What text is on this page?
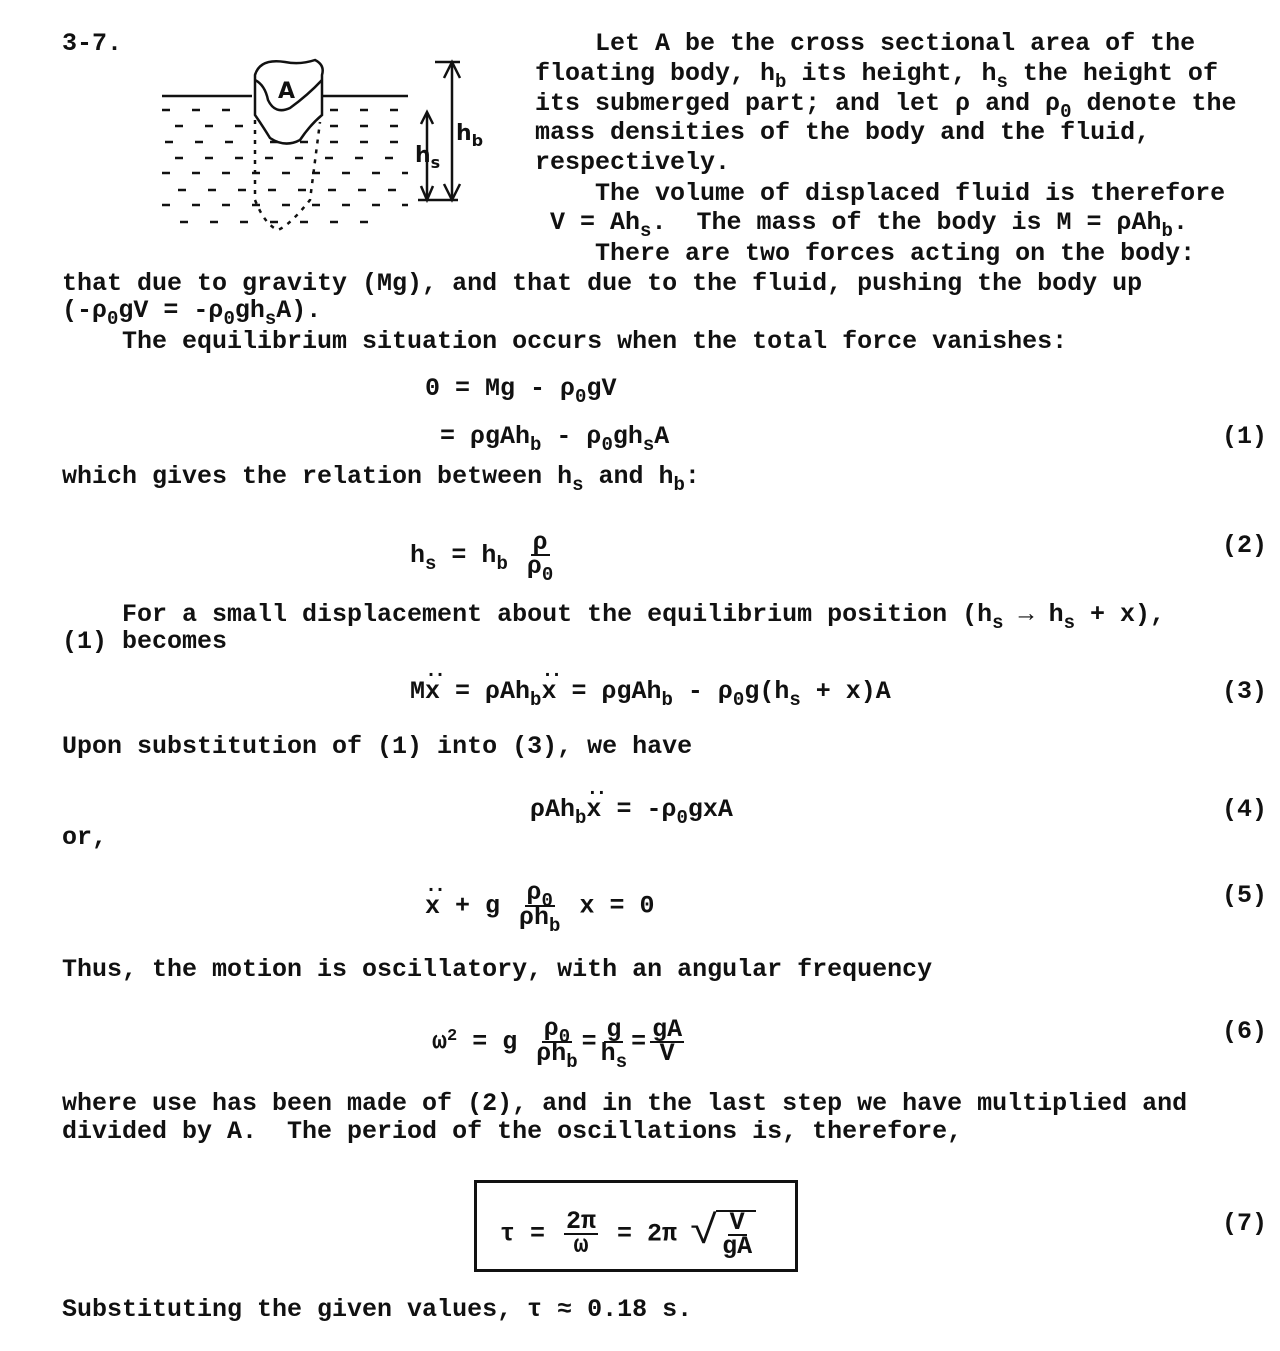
3-7.
A
$h_b$
$h_s$
Let A be the cross sectional area of the
floating body, $h_b$ its height, $h_s$ the height of
its submerged part; and let ρ and $\rho_0$ denote the
mass densities of the body and the fluid,
respectively.
The volume of displaced fluid is therefore
$V = Ah_s$.  The mass of the body is M = ρAh$_b$.
There are two forces acting on the body:
that due to gravity (Mg), and that due to the fluid, pushing the body up
$(-\rho_0gV = -\rho_0gh_sA)$.
The equilibrium situation occurs when the total force vanishes:
$0 = Mg - \rho_0gV$
= $\rho gAh_b - \rho_0gh_sA$	(1)
which gives the relation between $h_s$ and $h_b$:
$h_s = h_b \frac{\rho}{\rho_0}$	(2)
For a small displacement about the equilibrium position $(h_s \to h_s + x)$,
(1) becomes
M.. x = ρAh$_b$.. $x = \rho gAh_b - \rho_0g(h_s + x)A$	(3)
Upon substitution of (1) into (3), we have
ρAh$_b$.. $x = -\rho_0gxA$	(4)
or,
.. x + g $\frac{\rho_0}{\rho h_b}$ x = 0	(5)
Thus, the motion is oscillatory, with an angular frequency
$\omega^2 = g \frac{\rho_0}{\rho h_b} = \frac{g}{h_s} = \frac{gA}{V}$	(6)
where use has been made of (2), and in the last step we have multiplied and
divided by A.  The period of the oscillations is, therefore,
$\tau = \frac{2\pi}{\omega} = 2\pi$
√ $\frac{V}{gA}$	(7)
Substituting the given values, τ ≈ 0.18 s.
